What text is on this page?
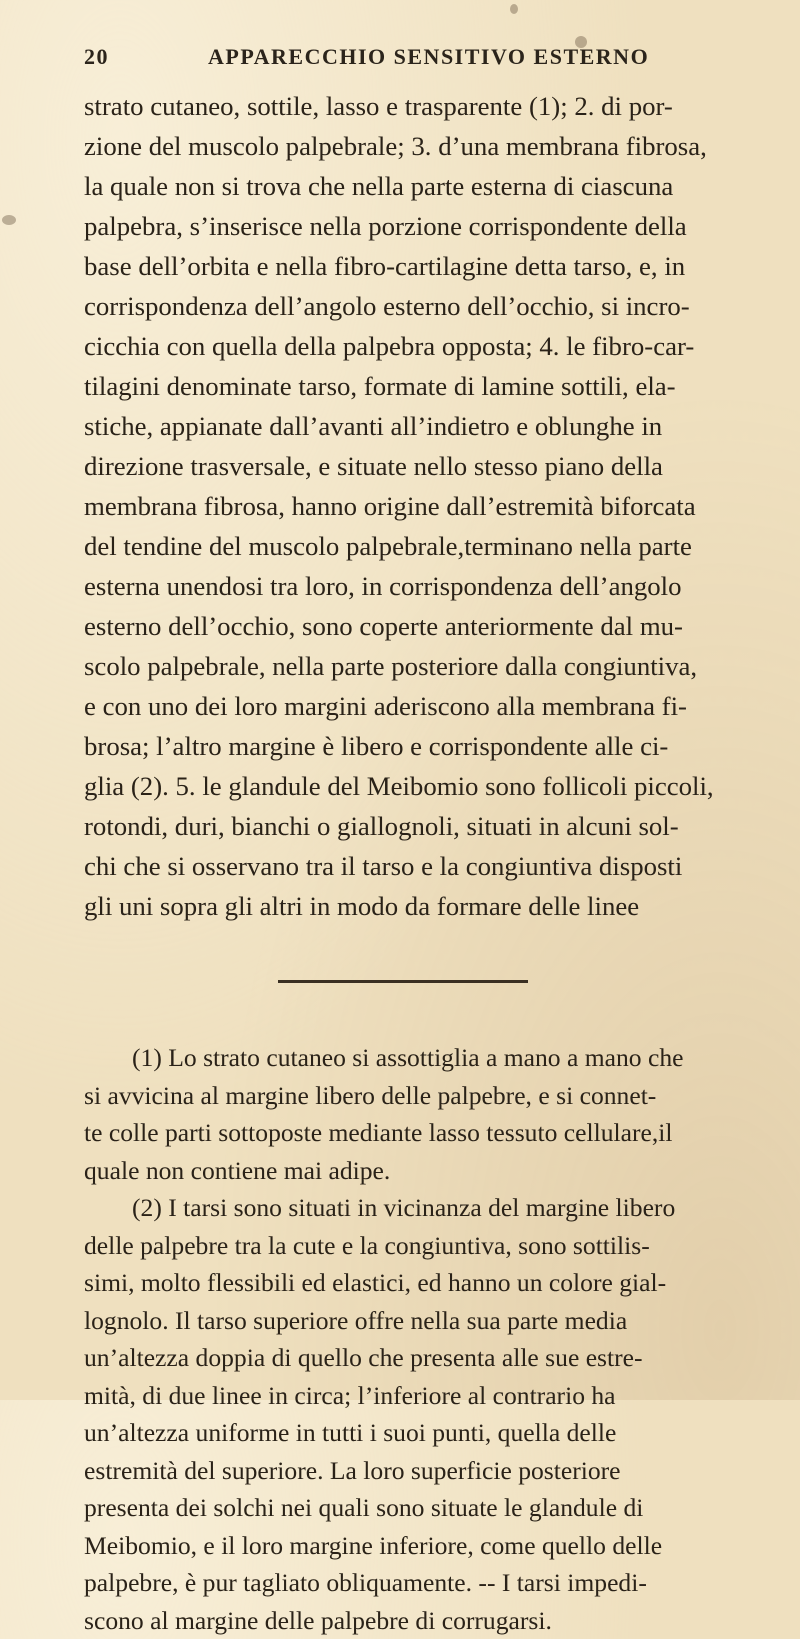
20	APPARECCHIO SENSITIVO ESTERNO

strato cutaneo, sottile, lasso e trasparente (1); 2. di por-
zione del muscolo palpebrale; 3. d’una membrana fibrosa,
la quale non si trova che nella parte esterna di ciascuna
palpebra, s’inserisce nella porzione corrispondente della
base dell’orbita e nella fibro-cartilagine detta tarso, e, in
corrispondenza dell’angolo esterno dell’occhio, si incro-
cicchia con quella della palpebra opposta; 4. le fibro-car-
tilagini denominate tarso, formate di lamine sottili, ela-
stiche, appianate dall’avanti all’indietro e oblunghe in
direzione trasversale, e situate nello stesso piano della
membrana fibrosa, hanno origine dall’estremità biforcata
del tendine del muscolo palpebrale,terminano nella parte
esterna unendosi tra loro, in corrispondenza dell’angolo
esterno dell’occhio, sono coperte anteriormente dal mu-
scolo palpebrale, nella parte posteriore dalla congiuntiva,
e con uno dei loro margini aderiscono alla membrana fi-
brosa; l’altro margine è libero e corrispondente alle ci-
glia (2). 5. le glandule del Meibomio sono follicoli piccoli,
rotondi, duri, bianchi o giallognoli, situati in alcuni sol-
chi che si osservano tra il tarso e la congiuntiva disposti
gli uni sopra gli altri in modo da formare delle linee

(1) Lo strato cutaneo si assottiglia a mano a mano che
si avvicina al margine libero delle palpebre, e si connet-
te colle parti sottoposte mediante lasso tessuto cellulare,il
quale non contiene mai adipe.
(2) I tarsi sono situati in vicinanza del margine libero
delle palpebre tra la cute e la congiuntiva, sono sottilis-
simi, molto flessibili ed elastici, ed hanno un colore gial-
lognolo. Il tarso superiore offre nella sua parte media
un’altezza doppia di quello che presenta alle sue estre-
mità, di due linee in circa; l’inferiore al contrario ha
un’altezza uniforme in tutti i suoi punti, quella delle
estremità del superiore. La loro superficie posteriore
presenta dei solchi nei quali sono situate le glandule di
Meibomio, e il loro margine inferiore, come quello delle
palpebre, è pur tagliato obliquamente. -- I tarsi impedi-
scono al margine delle palpebre di corrugarsi.
